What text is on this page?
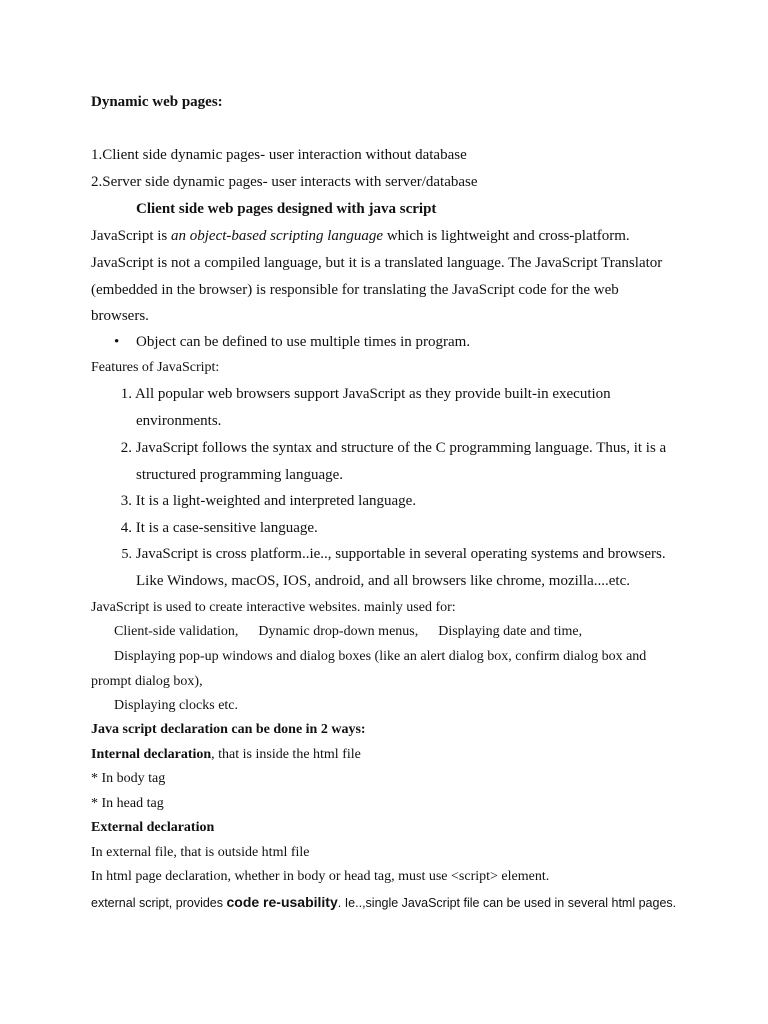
Dynamic web pages:
1.Client side dynamic pages- user interaction without database
2.Server side dynamic pages- user interacts with server/database
Client side web pages designed with java script
JavaScript is an object-based scripting language which is lightweight and cross-platform.
JavaScript is not a compiled language, but it is a translated language. The JavaScript Translator
(embedded in the browser) is responsible for translating the JavaScript code for the web
browsers.
• Object can be defined to use multiple times in program.
Features of JavaScript:
1. All popular web browsers support JavaScript as they provide built-in execution
environments.
2. JavaScript follows the syntax and structure of the C programming language. Thus, it is a
structured programming language.
3. It is a light-weighted and interpreted language.
4. It is a case-sensitive language.
5. JavaScript is cross platform..ie.., supportable in several operating systems and browsers.
Like Windows, macOS, IOS, android, and all browsers like chrome, mozilla....etc.
JavaScript is used to create interactive websites. mainly used for:
Client-side validation, Dynamic drop-down menus, Displaying date and time,
Displaying pop-up windows and dialog boxes (like an alert dialog box, confirm dialog box and
prompt dialog box),
Displaying clocks etc.
Java script declaration can be done in 2 ways:
Internal declaration, that is inside the html file
* In body tag
* In head tag
External declaration
In external file, that is outside html file
In html page declaration, whether in body or head tag, must use <script> element.
external script, provides code re-usability. Ie..,single JavaScript file can be used in several html pages.
